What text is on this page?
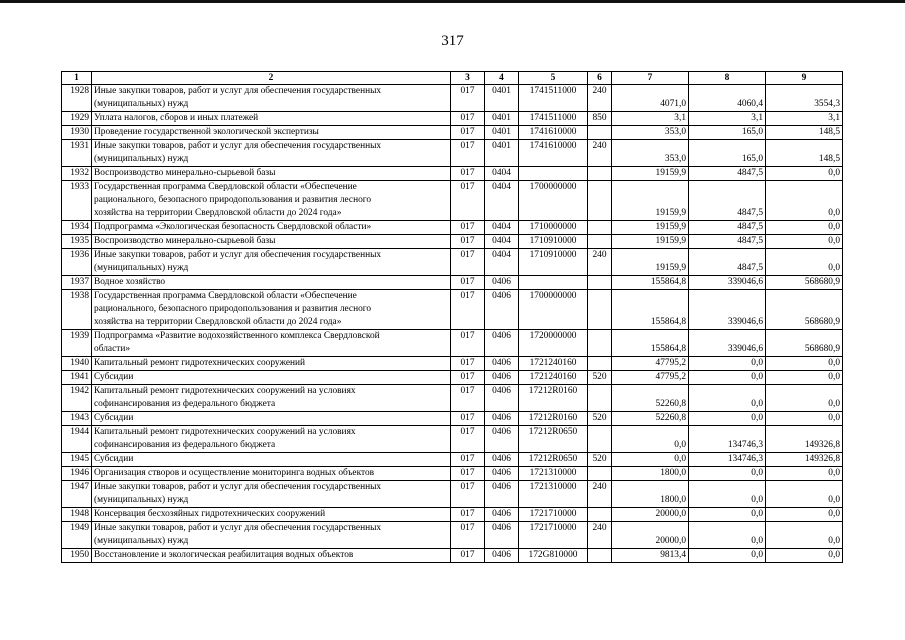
317
1	2	3	4	5	6	7	8	9
1928	Иные закупки товаров, работ и услуг для обеспечения государственных
(муниципальных) нужд	017	0401	1741511000	240	4071,0	4060,4	3554,3
1929	Уплата налогов, сборов и иных платежей	017	0401	1741511000	850	3,1	3,1	3,1
1930	Проведение государственной экологической экспертизы	017	0401	1741610000		353,0	165,0	148,5
1931	Иные закупки товаров, работ и услуг для обеспечения государственных
(муниципальных) нужд	017	0401	1741610000	240	353,0	165,0	148,5
1932	Воспроизводство минерально-сырьевой базы	017	0404			19159,9	4847,5	0,0
1933	Государственная программа Свердловской области «Обеспечение
рационального, безопасного природопользования и развития лесного
хозяйства на территории Свердловской области до 2024 года»	017	0404	1700000000		19159,9	4847,5	0,0
1934	Подпрограмма «Экологическая безопасность Свердловской области»	017	0404	1710000000		19159,9	4847,5	0,0
1935	Воспроизводство минерально-сырьевой базы	017	0404	1710910000		19159,9	4847,5	0,0
1936	Иные закупки товаров, работ и услуг для обеспечения государственных
(муниципальных) нужд	017	0404	1710910000	240	19159,9	4847,5	0,0
1937	Водное хозяйство	017	0406			155864,8	339046,6	568680,9
1938	Государственная программа Свердловской области «Обеспечение
рационального, безопасного природопользования и развития лесного
хозяйства на территории Свердловской области до 2024 года»	017	0406	1700000000		155864,8	339046,6	568680,9
1939	Подпрограмма «Развитие водохозяйственного комплекса Свердловской
области»	017	0406	1720000000		155864,8	339046,6	568680,9
1940	Капитальный ремонт гидротехнических сооружений	017	0406	1721240160		47795,2	0,0	0,0
1941	Субсидии	017	0406	1721240160	520	47795,2	0,0	0,0
1942	Капитальный ремонт гидротехнических сооружений на условиях
софинансирования из федерального бюджета	017	0406	17212R0160		52260,8	0,0	0,0
1943	Субсидии	017	0406	17212R0160	520	52260,8	0,0	0,0
1944	Капитальный ремонт гидротехнических сооружений на условиях
софинансирования из федерального бюджета	017	0406	17212R0650		0,0	134746,3	149326,8
1945	Субсидии	017	0406	17212R0650	520	0,0	134746,3	149326,8
1946	Организация створов и осуществление мониторинга водных объектов	017	0406	1721310000		1800,0	0,0	0,0
1947	Иные закупки товаров, работ и услуг для обеспечения государственных
(муниципальных) нужд	017	0406	1721310000	240	1800,0	0,0	0,0
1948	Консервация бесхозяйных гидротехнических сооружений	017	0406	1721710000		20000,0	0,0	0,0
1949	Иные закупки товаров, работ и услуг для обеспечения государственных
(муниципальных) нужд	017	0406	1721710000	240	20000,0	0,0	0,0
1950	Восстановление и экологическая реабилитация водных объектов	017	0406	172G810000		9813,4	0,0	0,0
